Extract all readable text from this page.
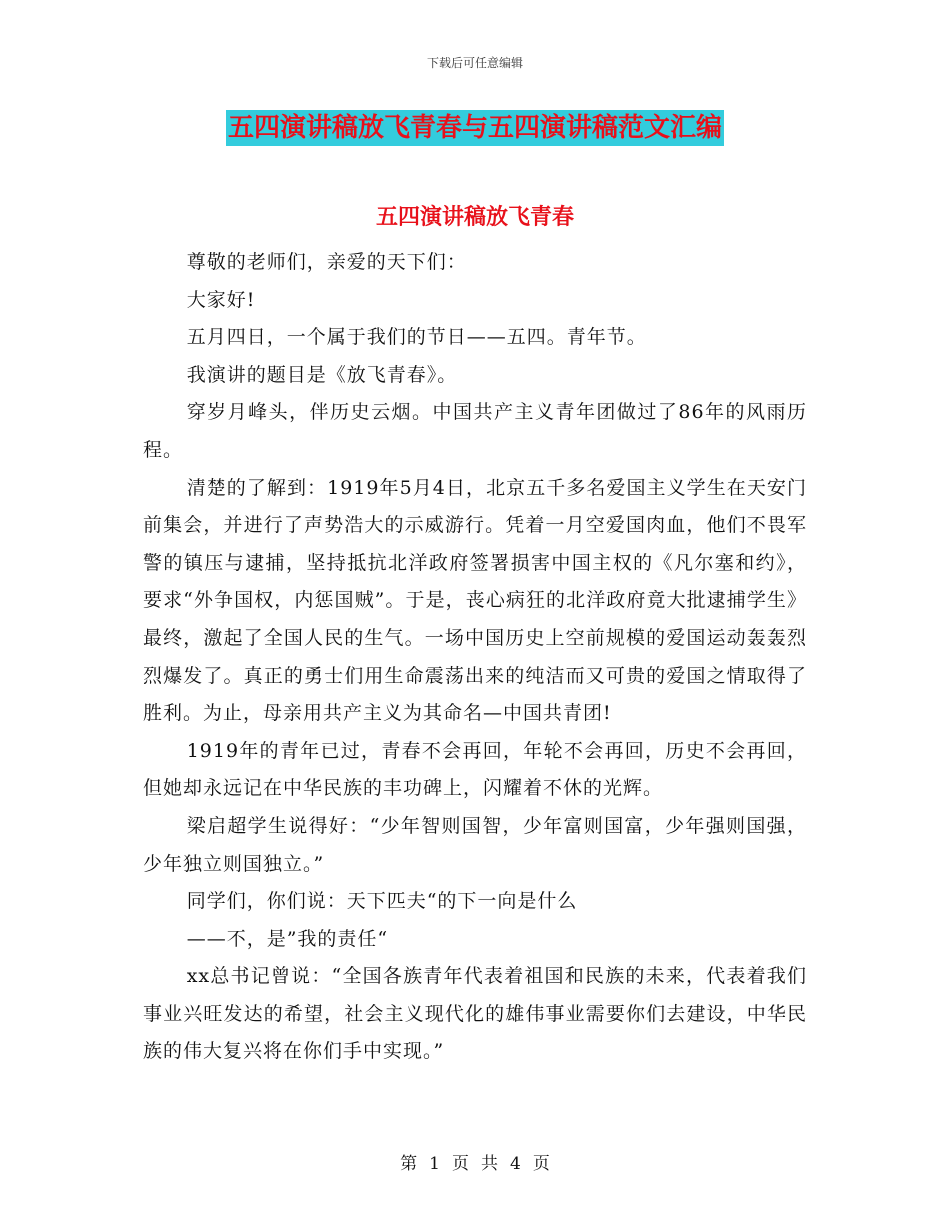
下载后可任意编辑
五四演讲稿放飞青春与五四演讲稿范文汇编
五四演讲稿放飞青春

尊敬的老师们，亲爱的天下们：

大家好!

五月四日，一个属于我们的节日——五四。青年节。

我演讲的题目是《放飞青春》。

穿岁月峰头，伴历史云烟。中国共产主义青年团做过了86年的风雨历程。

清楚的了解到：1919年5月4日，北京五千多名爱国主义学生在天安门前集会，并进行了声势浩大的示威游行。凭着一月空爱国肉血，他们不畏军警的镇压与逮捕，坚持抵抗北洋政府签署损害中国主权的《凡尔塞和约》，要求“外争国权，内惩国贼”。于是，丧心病狂的北洋政府竟大批逮捕学生》最终，激起了全国人民的生气。一场中国历史上空前规模的爱国运动轰轰烈烈爆发了。真正的勇士们用生命震荡出来的纯洁而又可贵的爱国之情取得了胜利。为止，母亲用共产主义为其命名—中国共青团!

1919年的青年已过，青春不会再回，年轮不会再回，历史不会再回，但她却永远记在中华民族的丰功碑上，闪耀着不休的光辉。

梁启超学生说得好：“少年智则国智，少年富则国富，少年强则国强，少年独立则国独立。”

同学们，你们说：天下匹夫“的下一向是什么

——不，是”我的责任“

xx总书记曾说：“全国各族青年代表着祖国和民族的未来，代表着我们事业兴旺发达的希望，社会主义现代化的雄伟事业需要你们去建设，中华民族的伟大复兴将在你们手中实现。”

第 1 页 共 4 页
